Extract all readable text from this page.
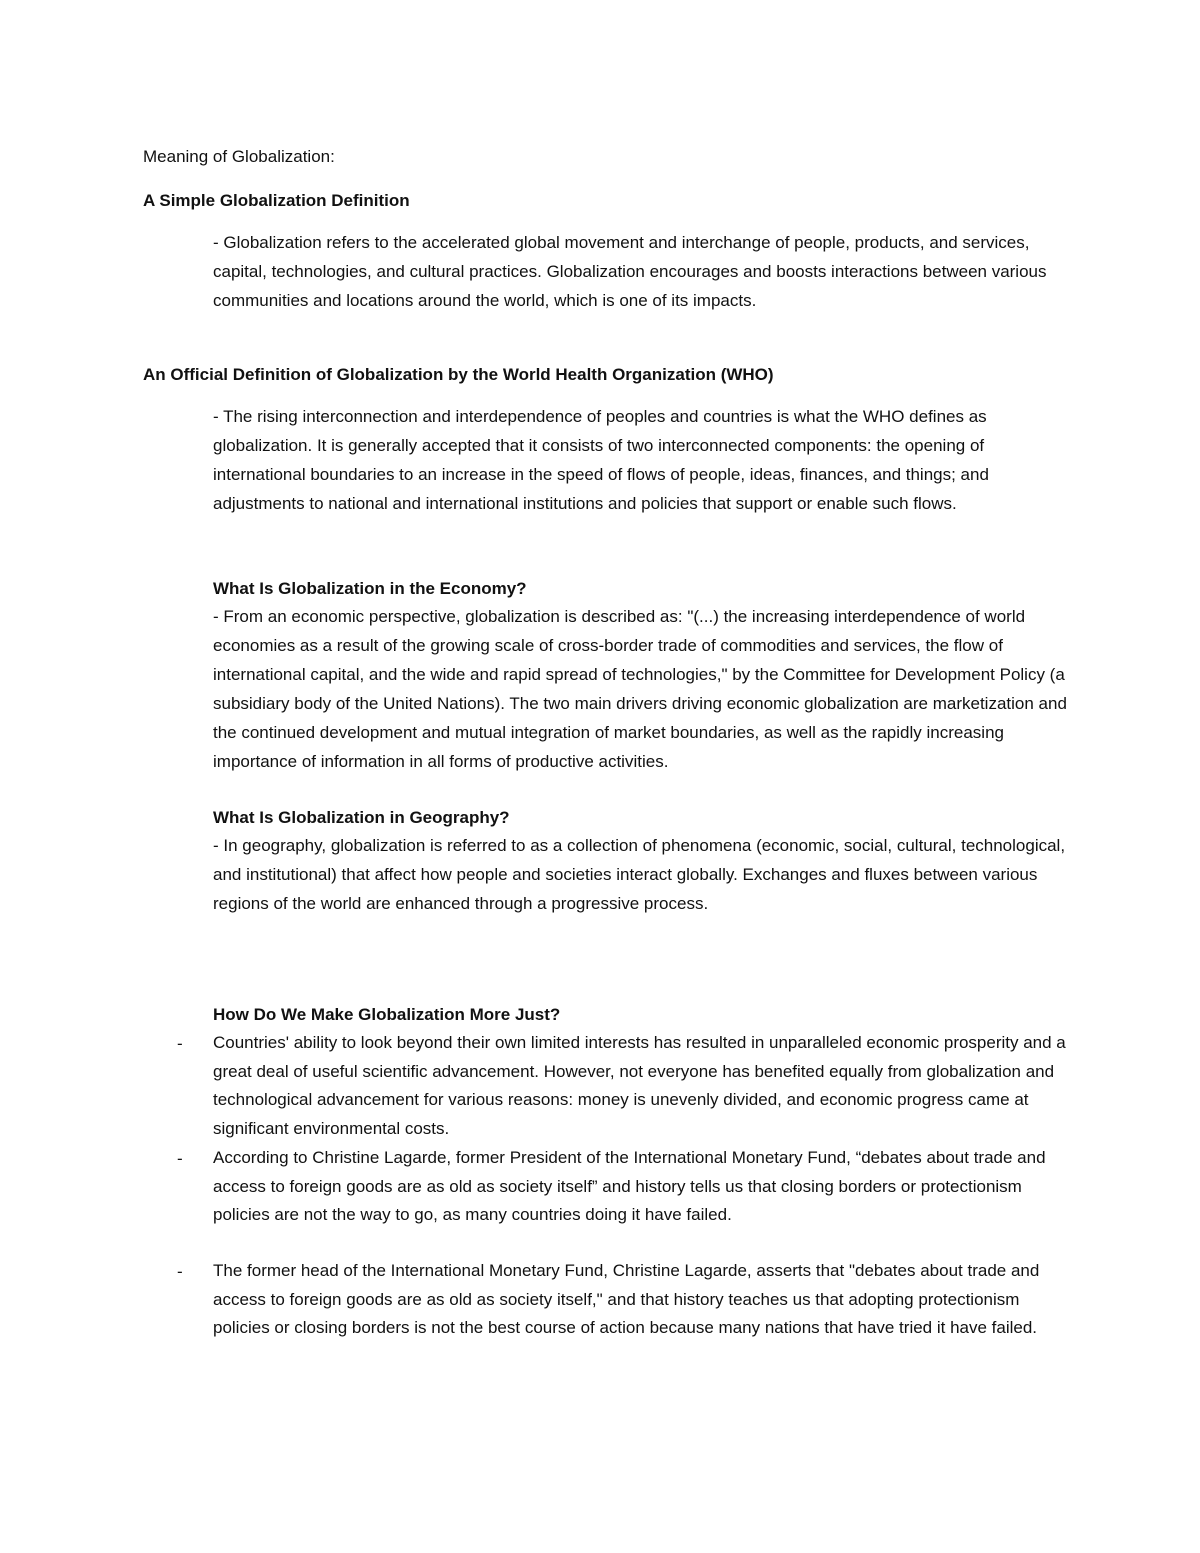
Meaning of Globalization:
A Simple Globalization Definition
- Globalization refers to the accelerated global movement and interchange of people, products, and services, capital, technologies, and cultural practices. Globalization encourages and boosts interactions between various communities and locations around the world, which is one of its impacts.
An Official Definition of Globalization by the World Health Organization (WHO)
- The rising interconnection and interdependence of peoples and countries is what the WHO defines as globalization. It is generally accepted that it consists of two interconnected components: the opening of international boundaries to an increase in the speed of flows of people, ideas, finances, and things; and adjustments to national and international institutions and policies that support or enable such flows.
What Is Globalization in the Economy?
- From an economic perspective, globalization is described as: "(...) the increasing interdependence of world economies as a result of the growing scale of cross-border trade of commodities and services, the flow of international capital, and the wide and rapid spread of technologies," by the Committee for Development Policy (a subsidiary body of the United Nations). The two main drivers driving economic globalization are marketization and the continued development and mutual integration of market boundaries, as well as the rapidly increasing importance of information in all forms of productive activities.
What Is Globalization in Geography?
- In geography, globalization is referred to as a collection of phenomena (economic, social, cultural, technological, and institutional) that affect how people and societies interact globally. Exchanges and fluxes between various regions of the world are enhanced through a progressive process.
How Do We Make Globalization More Just?
- Countries' ability to look beyond their own limited interests has resulted in unparalleled economic prosperity and a great deal of useful scientific advancement. However, not everyone has benefited equally from globalization and technological advancement for various reasons: money is unevenly divided, and economic progress came at significant environmental costs.
- According to Christine Lagarde, former President of the International Monetary Fund, “debates about trade and access to foreign goods are as old as society itself” and history tells us that closing borders or protectionism policies are not the way to go, as many countries doing it have failed.
- The former head of the International Monetary Fund, Christine Lagarde, asserts that "debates about trade and access to foreign goods are as old as society itself," and that history teaches us that adopting protectionism policies or closing borders is not the best course of action because many nations that have tried it have failed.
